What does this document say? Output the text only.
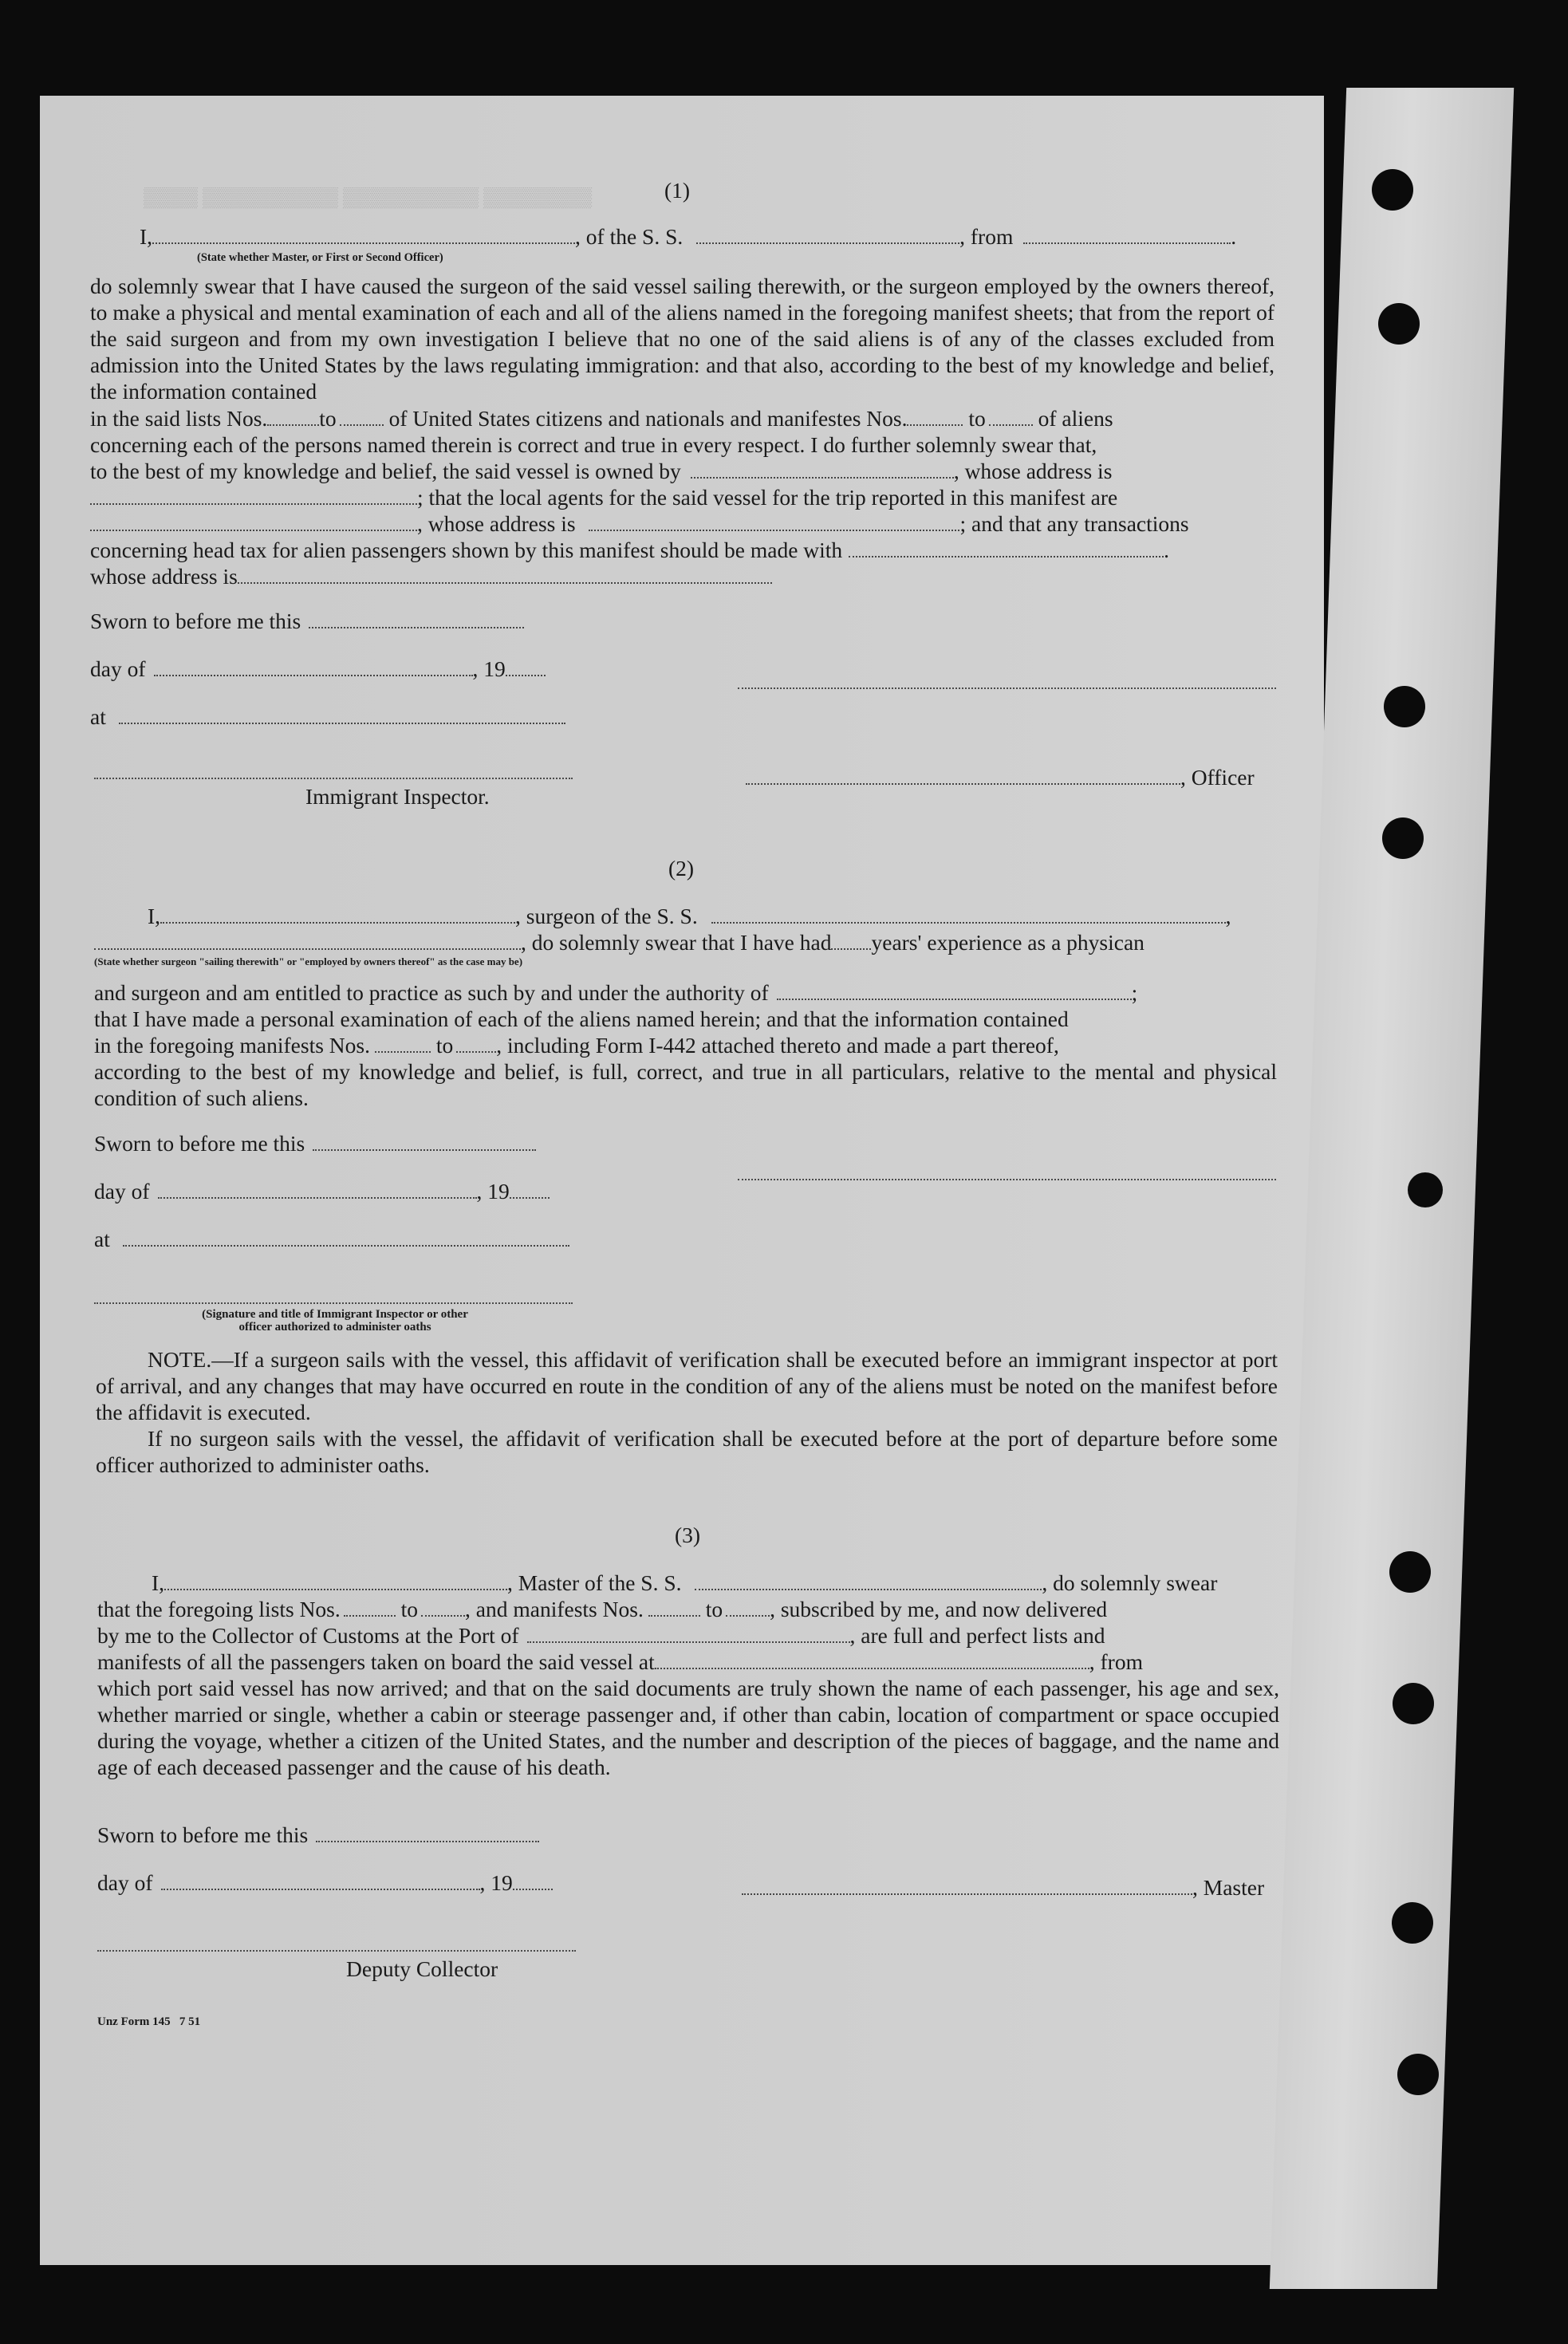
▒▒▒▒ ▒▒▒▒▒▒▒▒▒▒ ▒▒▒▒▒▒▒▒▒▒ ▒▒▒▒▒▒▒▒	(1)
I,	, of the S. S.	, from	.
(State whether Master, or First or Second Officer)
do solemnly swear that I have caused the surgeon of the said vessel sailing therewith, or the surgeon employed by the owners thereof, to make a physical and mental examination of each and all of the aliens named in the foregoing manifest sheets; that from the report of the said surgeon and from my own investigation I believe that no one of the said aliens is of any of the classes excluded from admission into the United States by the laws regulating immigration: and that also, according to the best of my knowledge and belief, the information contained
in the said lists Nos. to of United States citizens and nationals and manifestes Nos.	to of aliens
concerning each of the persons named therein is correct and true in every respect. I do further solemnly swear that,
to the best of my knowledge and belief, the said vessel is owned by	, whose address is
; that the local agents for the said vessel for the trip reported in this manifest are
, whose address is	; and that any transactions
concerning head tax for alien passengers shown by this manifest should be made with	.
whose address is
Sworn to before me this
day of	, 19
at
, Officer
Immigrant Inspector.
(2)
I,	, surgeon of the S. S.	,
, do solemnly swear that I have had years' experience as a physican
(State whether surgeon "sailing therewith" or "employed by owners thereof" as the case may be)
and surgeon and am entitled to practice as such by and under the authority of	;
that I have made a personal examination of each of the aliens named herein; and that the information contained
in the foregoing manifests Nos.	to , including Form I-442 attached thereto and made a part thereof,
according to the best of my knowledge and belief, is full, correct, and true in all particulars, relative to the mental and physical condition of such aliens.
Sworn to before me this
day of	, 19
at
(Signature and title of Immigrant Inspector or other
officer authorized to administer oaths
NOTE.—If a surgeon sails with the vessel, this affidavit of verification shall be executed before an immigrant inspector at port of arrival, and any changes that may have occurred en route in the condition of any of the aliens must be noted on the manifest before the affidavit is executed.
If no surgeon sails with the vessel, the affidavit of verification shall be executed before at the port of departure before some officer authorized to administer oaths.
(3)
I,	, Master of the S. S.	, do solemnly swear
that the foregoing lists Nos.	to , and manifests Nos.	to , subscribed by me, and now delivered
by me to the Collector of Customs at the Port of	, are full and perfect lists and
manifests of all the passengers taken on board the said vessel at	, from
which port said vessel has now arrived; and that on the said documents are truly shown the name of each passenger, his age and sex, whether married or single, whether a cabin or steerage passenger and, if other than cabin, location of compartment or space occupied during the voyage, whether a citizen of the United States, and the number and description of the pieces of baggage, and the name and age of each deceased passenger and the cause of his death.
Sworn to before me this
day of	, 19	, Master
Deputy Collector
Unz Form 145   7 51
